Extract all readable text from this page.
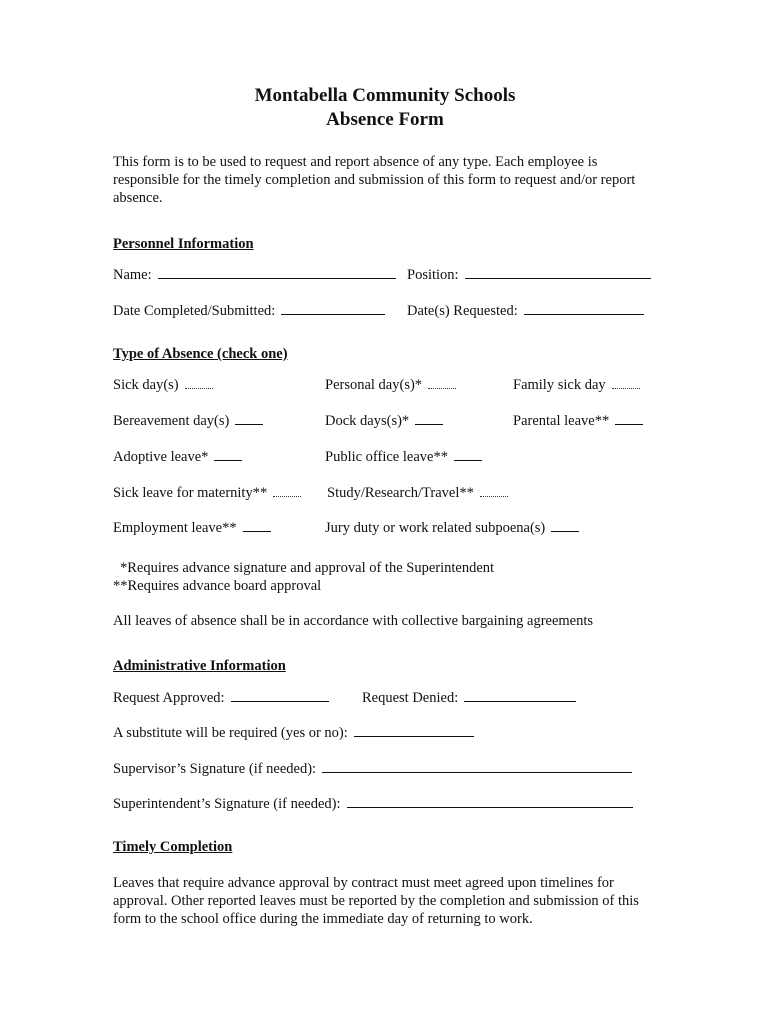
Montabella Community Schools
Absence Form
This form is to be used to request and report absence of any type. Each employee is responsible for the timely completion and submission of this form to request and/or report absence.
Personnel Information
Name:	Position:
Date Completed/Submitted:	Date(s) Requested:
Type of Absence (check one)
Sick day(s)	Personal day(s)*	Family sick day
Bereavement day(s)	Dock days(s)*	Parental leave**
Adoptive leave*	Public office leave**
Sick leave for maternity**	Study/Research/Travel**
Employment leave**	Jury duty or work related subpoena(s)
*Requires advance signature and approval of the Superintendent
**Requires advance board approval
All leaves of absence shall be in accordance with collective bargaining agreements
Administrative Information
Request Approved:	Request Denied:
A substitute will be required (yes or no):
Supervisor’s Signature (if needed):
Superintendent’s Signature (if needed):
Timely Completion
Leaves that require advance approval by contract must meet agreed upon timelines for approval. Other reported leaves must be reported by the completion and submission of this form to the school office during the immediate day of returning to work.
